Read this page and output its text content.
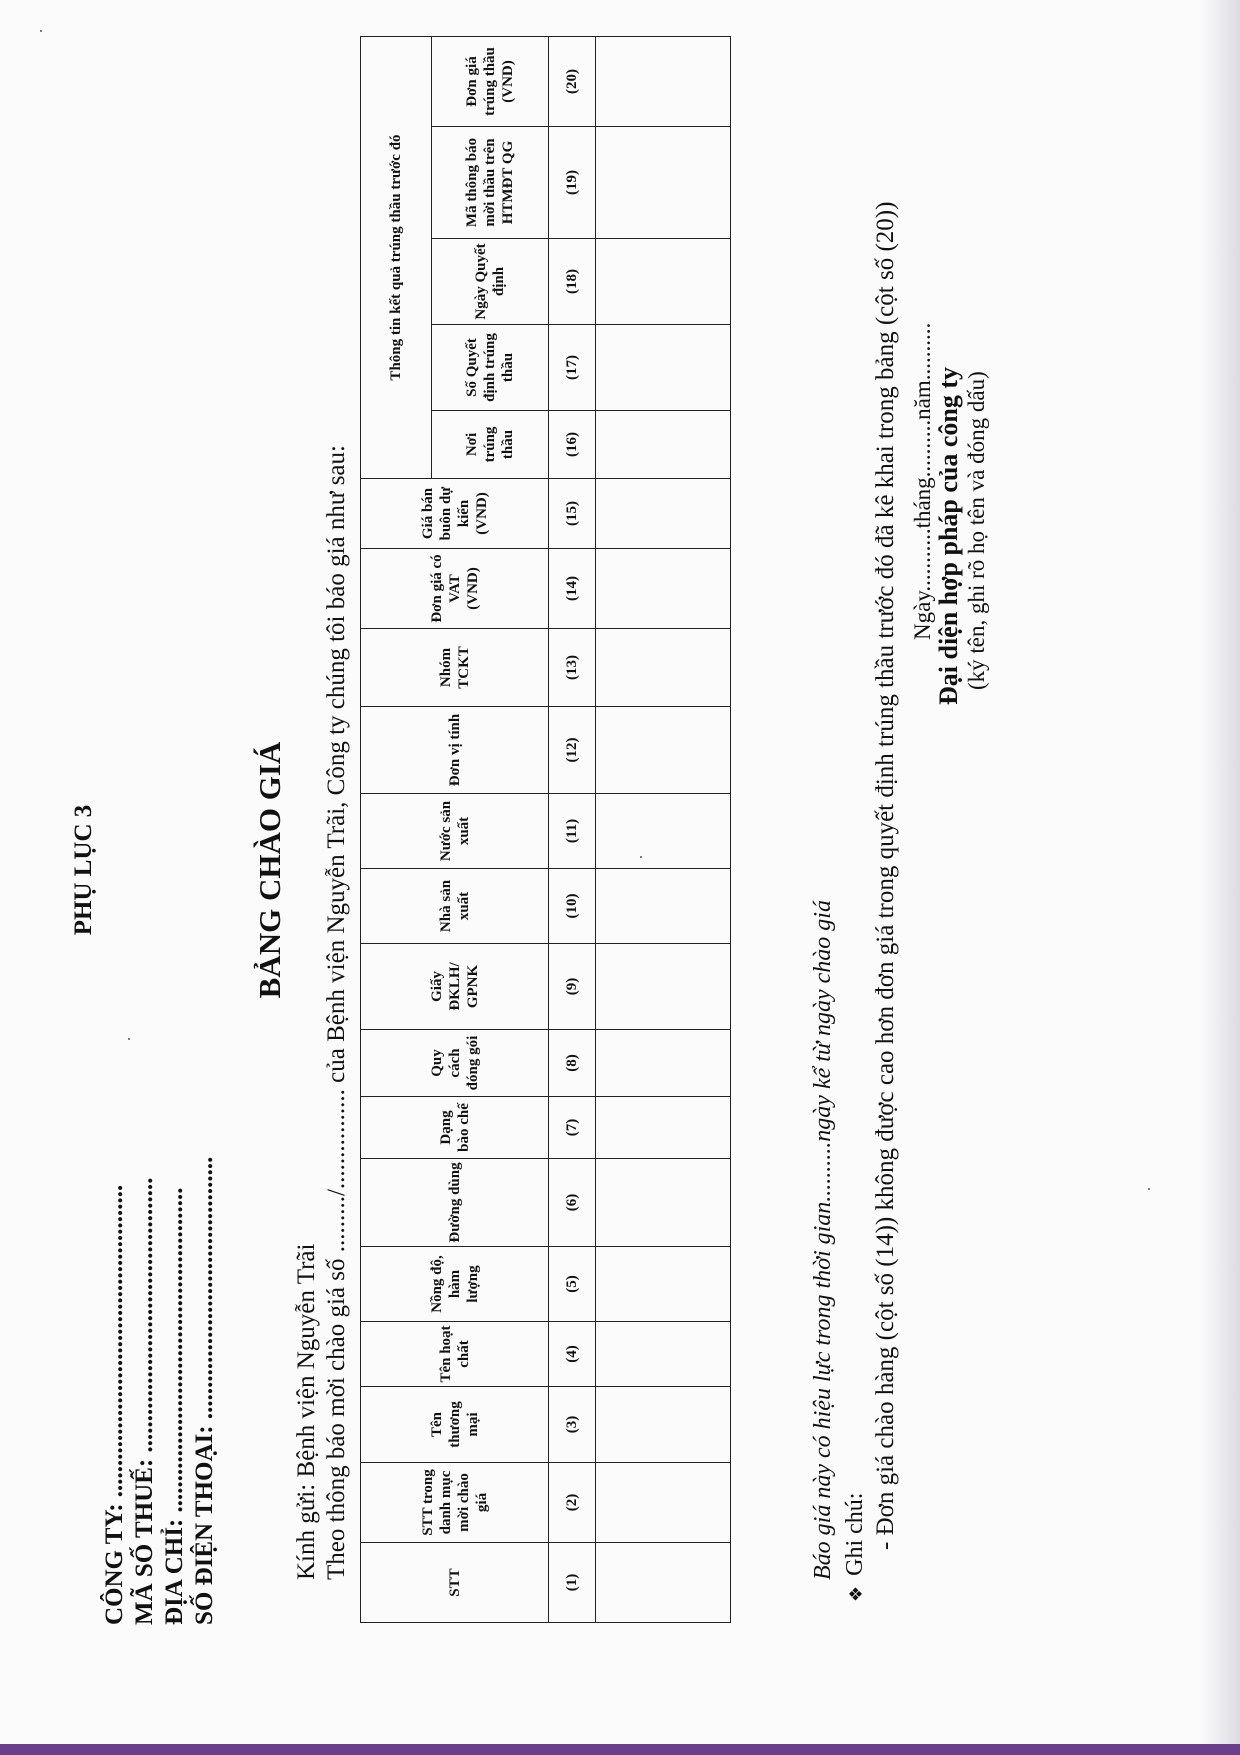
PHỤ LỤC 3
CÔNG TY: .................................................. MÃ SỐ THUẾ: ............................................ ĐỊA CHỈ: .................................................... SỐ ĐIỆN THOẠI: ..........................................
BẢNG CHÀO GIÁ
Kính gửi: Bệnh viện Nguyễn Trãi Theo thông báo mời chào giá số ........./................ của Bệnh viện Nguyễn Trãi, Công ty chúng tôi báo giá như sau:
STT	STT trong danh mục mời chào giá	Tên thương mại	Tên hoạt chất	Nồng độ, hàm lượng	Đường dùng	Dạng bào chế	Quy cách đóng gói	Giấy ĐKLH/ GPNK	Nhà sản xuất	Nước sản xuất	Đơn vị tính	Nhóm TCKT	Đơn giá có VAT (VND)	Giá bán buôn dự kiến (VND)	Thông tin kết quả trúng thầu trước đó				
															Nơi trúng thầu	Số Quyết định trúng thầu	Ngày Quyết định	Mã thông báo mời thầu trên HTMĐT QG	Đơn giá trúng thầu (VND)
(1)	(2)	(3)	(4)	(5)	(6)	(7)	(8)	(9)	(10)	(11)	(12)	(13)	(14)	(15)	(16)	(17)	(18)	(19)	(20)

Báo giá này có hiệu lực trong thời gian..........ngày kể từ ngày chào giá
❖Ghi chú: - Đơn giá chào hàng (cột số (14)) không được cao hơn đơn giá trong quyết định trúng thầu trước đó đã kê khai trong bảng (cột số (20)) Ngày...........tháng..........năm.......... Đại diện hợp pháp của công ty (ký tên, ghi rõ họ tên và đóng dấu)
